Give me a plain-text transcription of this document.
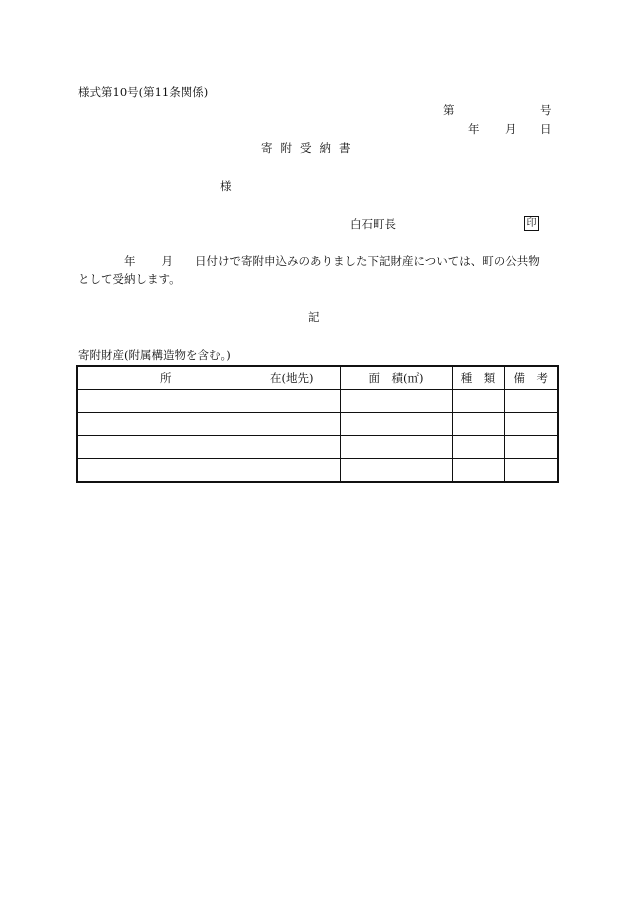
様式第10号(第11条関係)
第	号
年 月 日
寄附受納書
様
白石町長	印
年 月 日付けで寄附申込みのありました下記財産については、町の公共物
として受納します。
記
寄附財産(附属構造物を含む。)
所 在(地先)	面　積(㎡)	種　類	備　考
